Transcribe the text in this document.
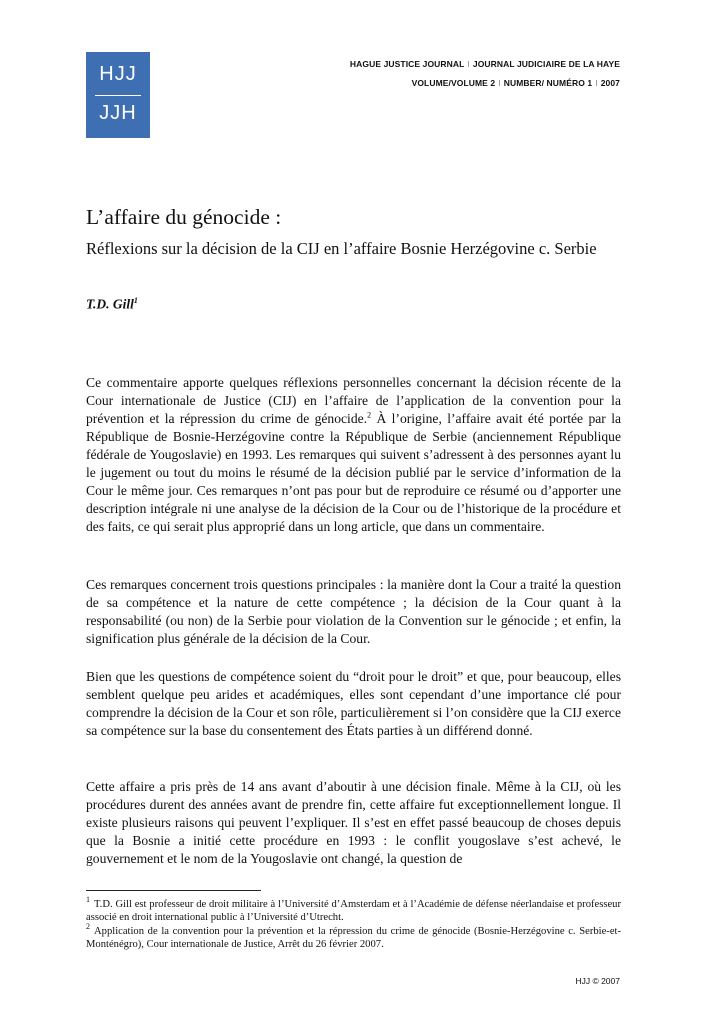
HJJ
JJH
HAGUE JUSTICE JOURNAL I JOURNAL JUDICIAIRE DE LA HAYE
VOLUME/VOLUME 2 I NUMBER/ NUMÉRO 1 I 2007
L’affaire du génocide :
Réflexions sur la décision de la CIJ en l’affaire Bosnie Herzégovine c. Serbie
T.D. Gill$^1$

Ce commentaire apporte quelques réflexions personnelles concernant la décision récente de la Cour internationale de Justice (CIJ) en l’affaire de l’application de la convention pour la prévention et la répression du crime de génocide.$^2$ À l’origine, l’affaire avait été portée par la République de Bosnie-Herzégovine contre la République de Serbie (anciennement République fédérale de Yougoslavie) en 1993. Les remarques qui suivent s’adressent à des personnes ayant lu le jugement ou tout du moins le résumé de la décision publié par le service d’information de la Cour le même jour. Ces remarques n’ont pas pour but de reproduire ce résumé ou d’apporter une description intégrale ni une analyse de la décision de la Cour ou de l’historique de la procédure et des faits, ce qui serait plus approprié dans un long article, que dans un commentaire.

Ces remarques concernent trois questions principales : la manière dont la Cour a traité la question de sa compétence et la nature de cette compétence ; la décision de la Cour quant à la responsabilité (ou non) de la Serbie pour violation de la Convention sur le génocide ; et enfin, la signification plus générale de la décision de la Cour.

Bien que les questions de compétence soient du “droit pour le droit” et que, pour beaucoup, elles semblent quelque peu arides et académiques, elles sont cependant d’une importance clé pour comprendre la décision de la Cour et son rôle, particulièrement si l’on considère que la CIJ exerce sa compétence sur la base du consentement des États parties à un différend donné.

Cette affaire a pris près de 14 ans avant d’aboutir à une décision finale. Même à la CIJ, où les procédures durent des années avant de prendre fin, cette affaire fut exceptionnellement longue. Il existe plusieurs raisons qui peuvent l’expliquer. Il s’est en effet passé beaucoup de choses depuis que la Bosnie a initié cette procédure en 1993 : le conflit yougoslave s’est achevé, le gouvernement et le nom de la Yougoslavie ont changé, la question de

$^1$ T.D. Gill est professeur de droit militaire à l’Université d’Amsterdam et à l’Académie de défense néerlandaise et professeur associé en droit international public à l’Université d’Utrecht.

$^2$ Application de la convention pour la prévention et la répression du crime de génocide (Bosnie-Herzégovine c. Serbie-et-Monténégro), Cour internationale de Justice, Arrêt du 26 février 2007.

HJJ © 2007
